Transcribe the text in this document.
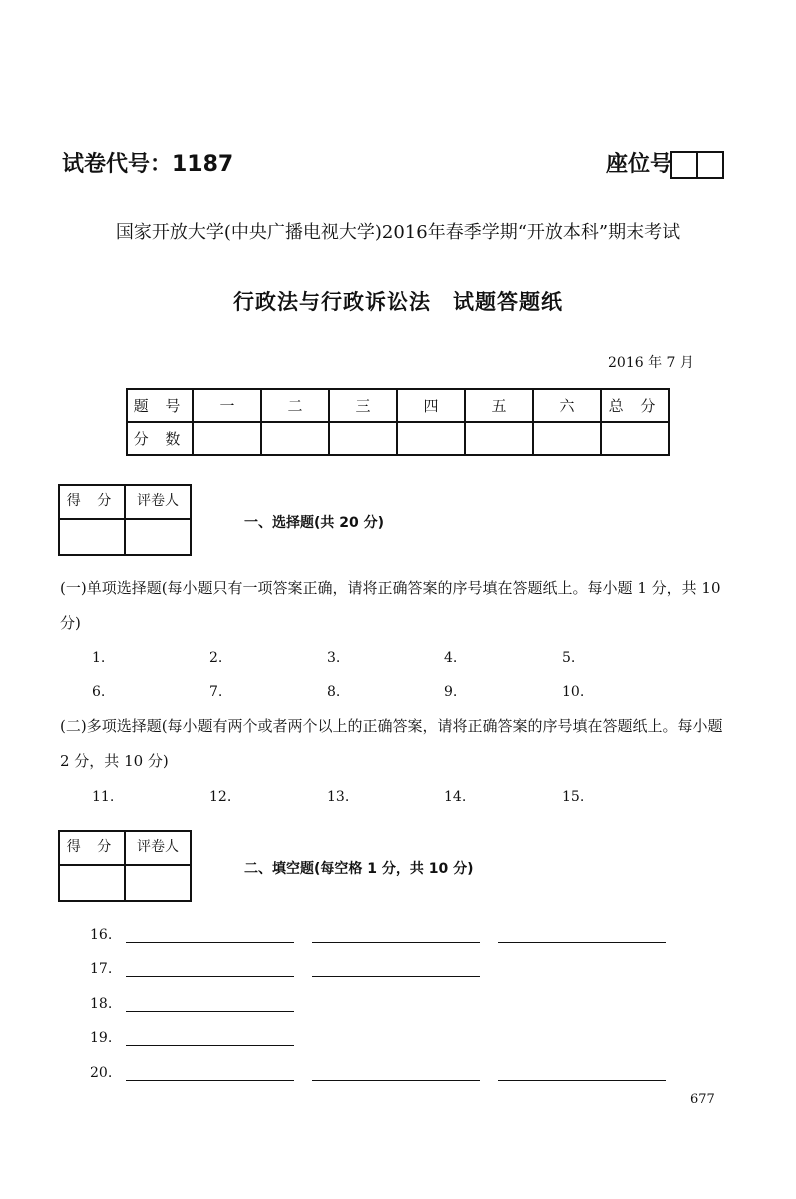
试卷代号：1187	座位号
国家开放大学(中央广播电视大学)2016年春季学期“开放本科”期末考试
行政法与行政诉讼法　试题答题纸
2016 年 7 月
题 号	一	二	三	四	五	六	总 分
分 数							
得 分	评卷人

一、选择题(共 20 分)
(一)单项选择题(每小题只有一项答案正确，请将正确答案的序号填在答题纸上。每小题 1 分，共 10 分)
1.	2.	3.	4.	5.
6.	7.	8.	9.	10.
(二)多项选择题(每小题有两个或者两个以上的正确答案，请将正确答案的序号填在答题纸上。每小题 2 分，共 10 分)
11.	12.	13.	14.	15.
得 分	评卷人

二、填空题(每空格 1 分，共 10 分)
16.
17.
18.
19.
20.
677
